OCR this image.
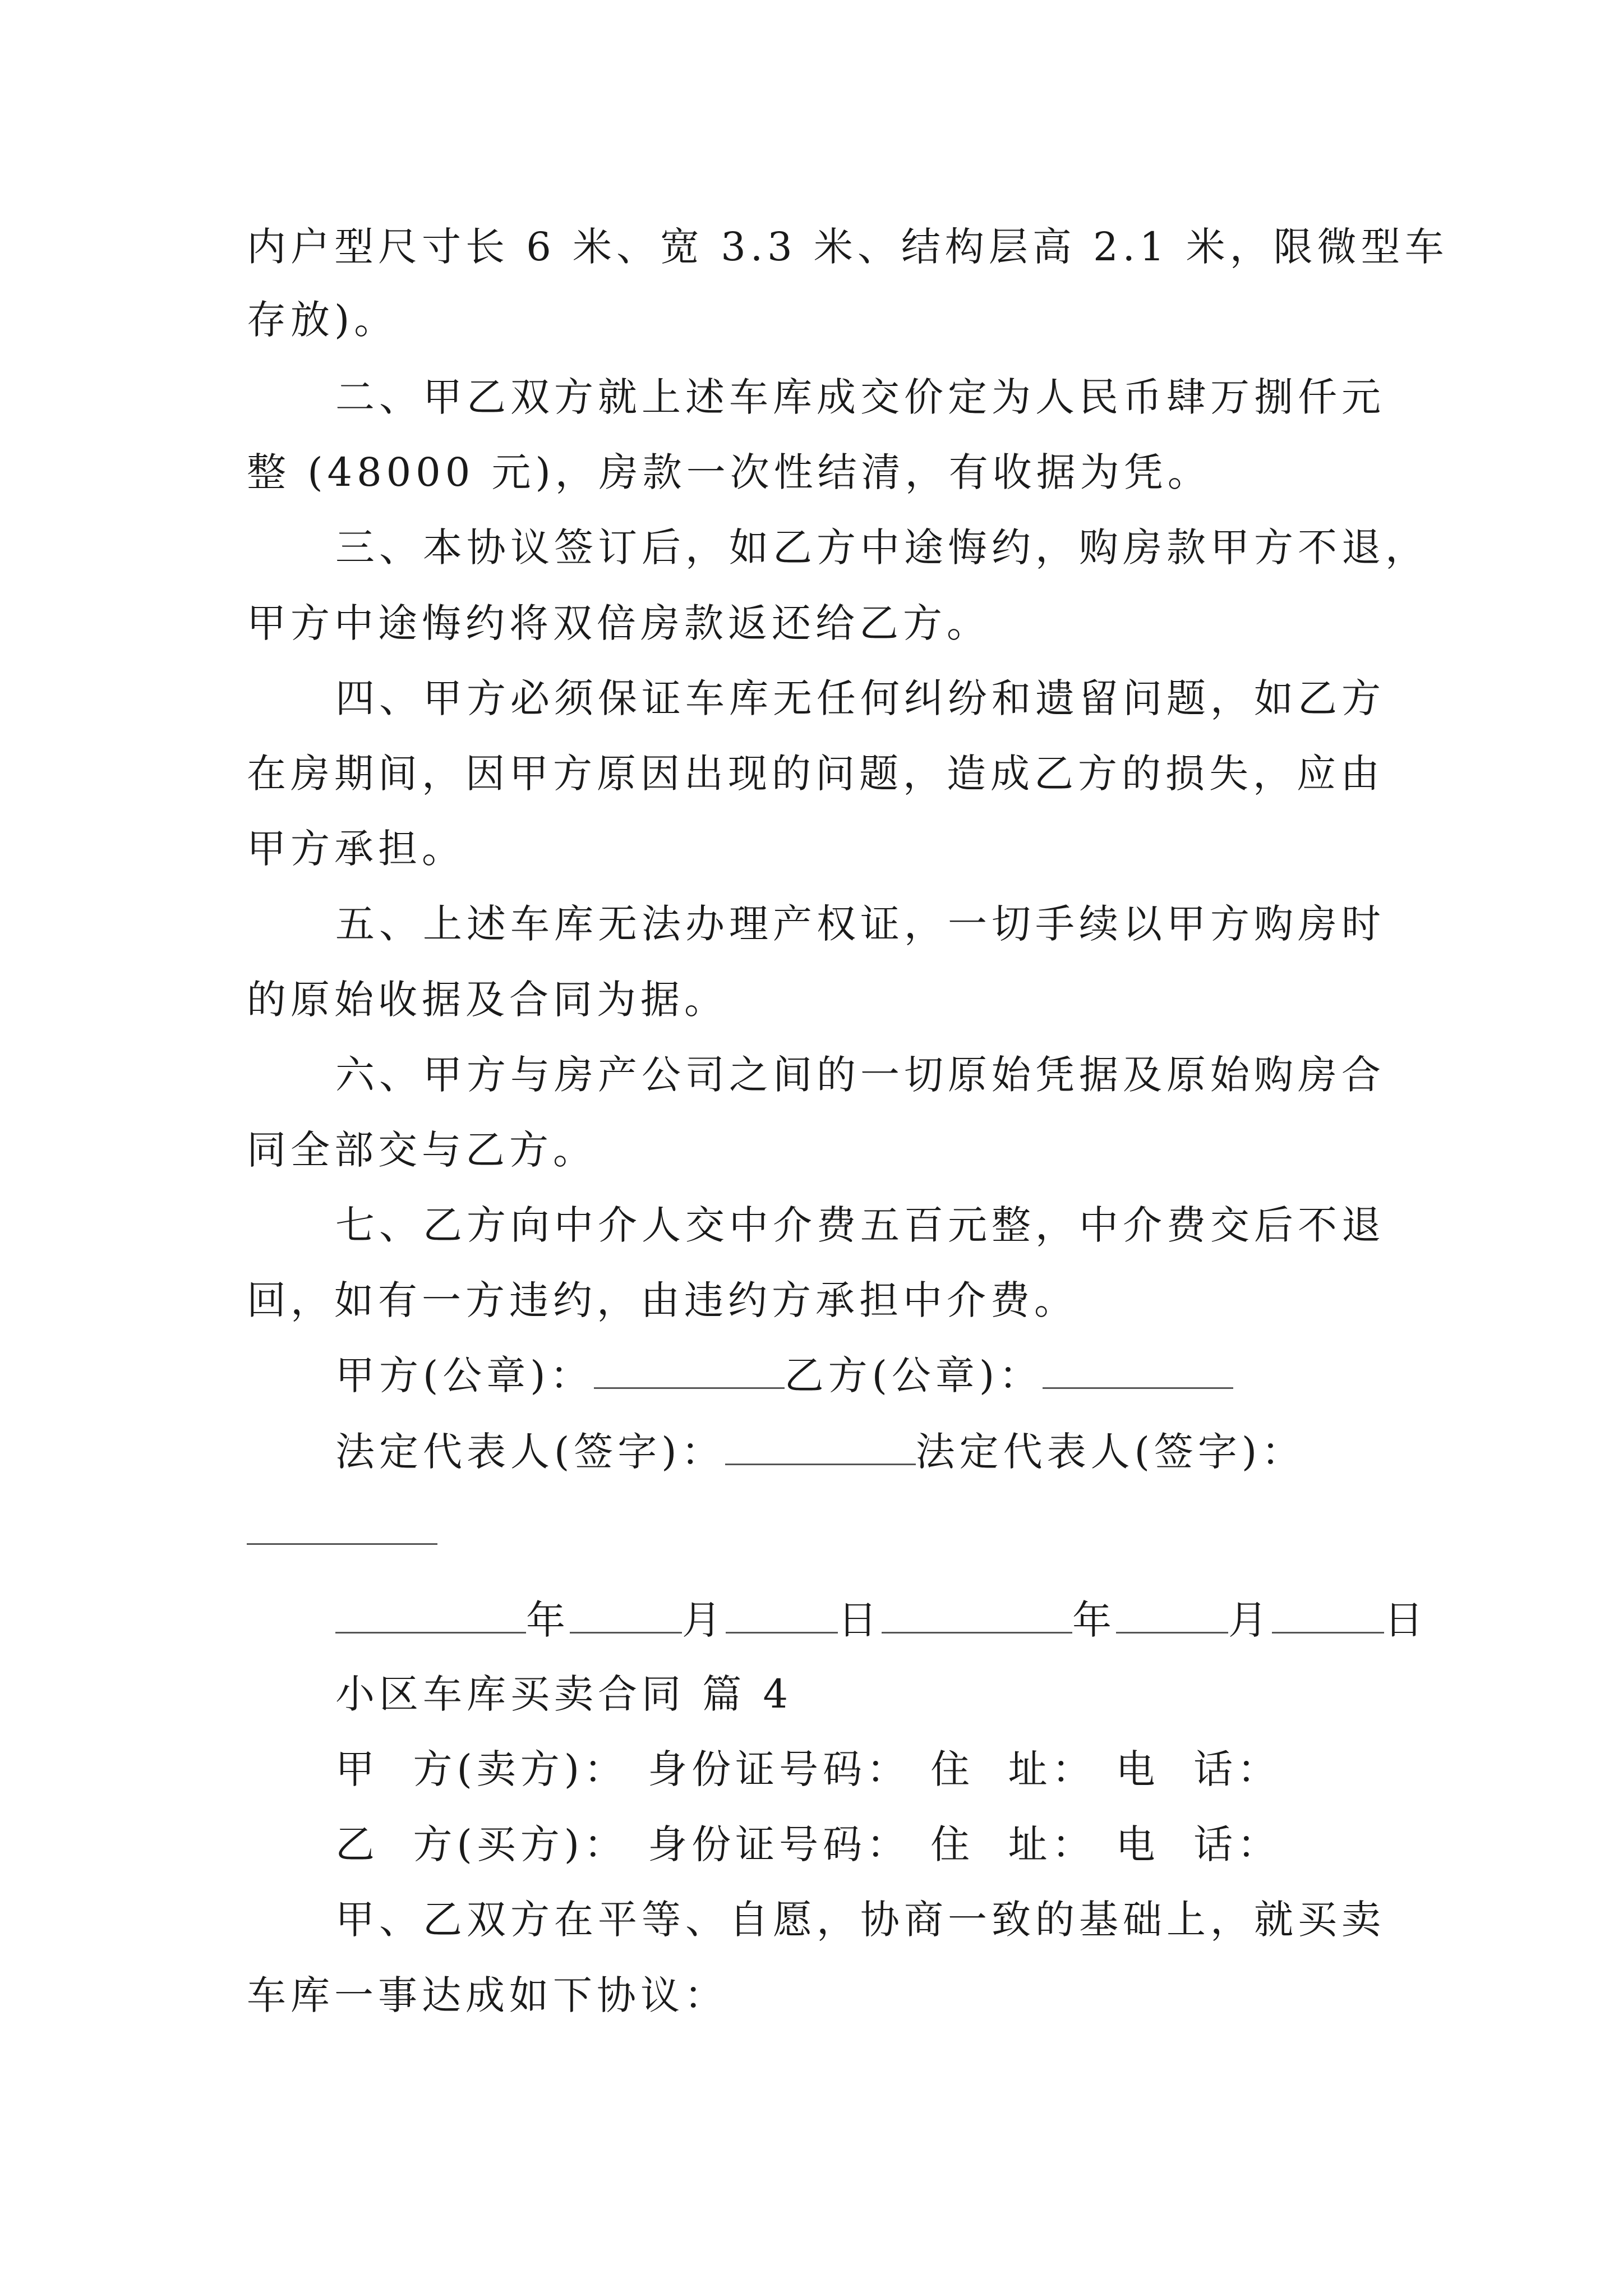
内户型尺寸长 6 米、宽 3.3 米、结构层高 2.1 米，限微型车
存放)。
二、甲乙双方就上述车库成交价定为人民币肆万捌仟元
整 (48000 元)，房款一次性结清，有收据为凭。
三、本协议签订后，如乙方中途悔约，购房款甲方不退，
甲方中途悔约将双倍房款返还给乙方。
四、甲方必须保证车库无任何纠纷和遗留问题，如乙方
在房期间，因甲方原因出现的问题，造成乙方的损失，应由
甲方承担。
五、上述车库无法办理产权证，一切手续以甲方购房时
的原始收据及合同为据。
六、甲方与房产公司之间的一切原始凭据及原始购房合
同全部交与乙方。
七、乙方向中介人交中介费五百元整，中介费交后不退
回，如有一方违约，由违约方承担中介费。
甲方(公章)：	乙方(公章)：
法定代表人(签字)：	法定代表人(签字)：
年	月	日	年	月	日
小区车库买卖合同 篇 4
甲  方(卖方)： 身份证号码： 住  址： 电  话：
乙  方(买方)： 身份证号码： 住  址： 电  话：
甲、乙双方在平等、自愿，协商一致的基础上，就买卖
车库一事达成如下协议：
